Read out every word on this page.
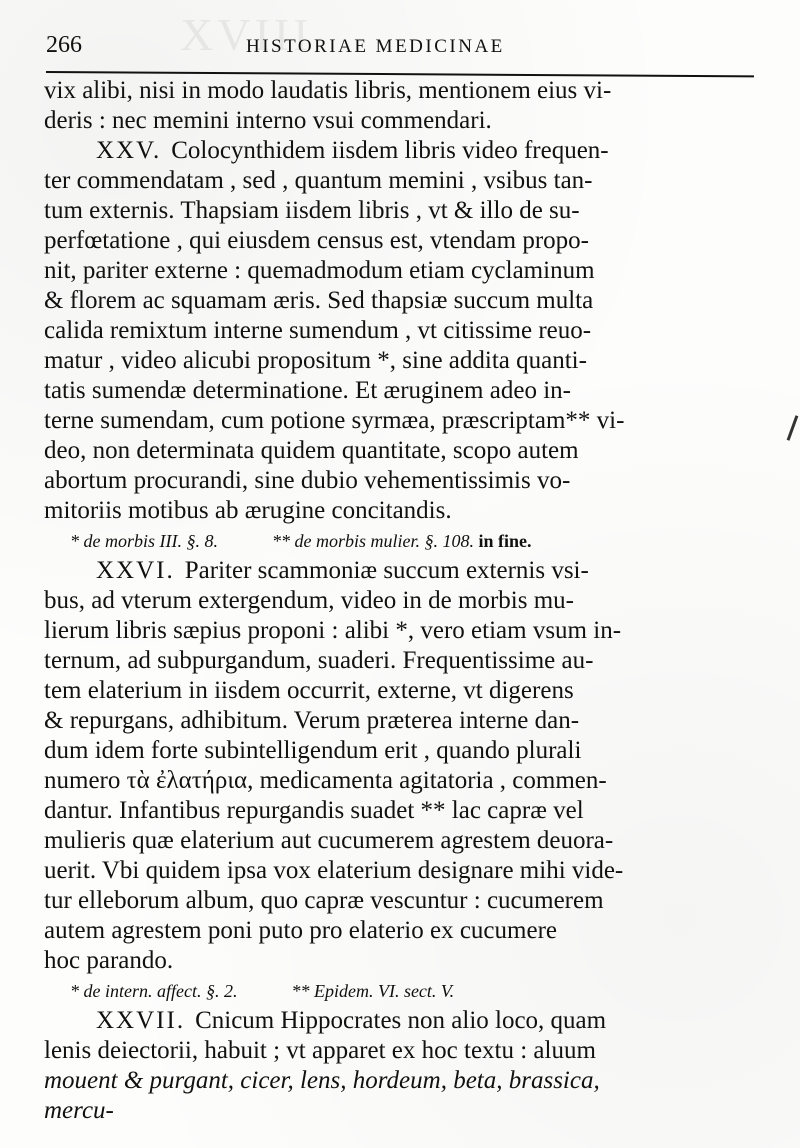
XVIII
266	HISTORIAE MEDICINAE

vix alibi, nisi in modo laudatis libris, mentionem eius vi-
deris : nec memini interno vsui commendari.

XXV. Colocynthidem iisdem libris video frequen-
ter commendatam , sed , quantum memini , vsibus tan-
tum externis. Thapsiam iisdem libris , vt & illo de su-
perfœtatione , qui eiusdem census est, vtendam propo-
nit, pariter externe : quemadmodum etiam cyclaminum
& florem ac squamam æris. Sed thapsiæ succum multa
calida remixtum interne sumendum , vt citissime reuo-
matur , video alicubi propositum *, sine addita quanti-
tatis sumendæ determinatione. Et æruginem adeo in-
terne sumendam, cum potione syrmæa, præscriptam** vi-
deo, non determinata quidem quantitate, scopo autem
abortum procurandi, sine dubio vehementissimis vo-
mitoriis motibus ab ærugine concitandis.

* de morbis III. §. 8.	** de morbis mulier. §. 108. in fine.

XXVI. Pariter scammoniæ succum externis vsi-
bus, ad vterum extergendum, video in de morbis mu-
lierum libris sæpius proponi : alibi *, vero etiam vsum in-
ternum, ad subpurgandum, suaderi. Frequentissime au-
tem elaterium in iisdem occurrit, externe, vt digerens
& repurgans, adhibitum. Verum præterea interne dan-
dum idem forte subintelligendum erit , quando plurali
numero τὰ ἐλατήρια, medicamenta agitatoria , commen-
dantur. Infantibus repurgandis suadet ** lac capræ vel
mulieris quæ elaterium aut cucumerem agrestem deuora-
uerit. Vbi quidem ipsa vox elaterium designare mihi vide-
tur elleborum album, quo capræ vescuntur : cucumerem
autem agrestem poni puto pro elaterio ex cucumere
hoc parando.

* de intern. affect. §. 2.	** Epidem. VI. sect. V.

XXVII. Cnicum Hippocrates non alio loco, quam
lenis deiectorii, habuit ; vt apparet ex hoc textu : aluum
mouent & purgant, cicer, lens, hordeum, beta, brassica,
mercu-
